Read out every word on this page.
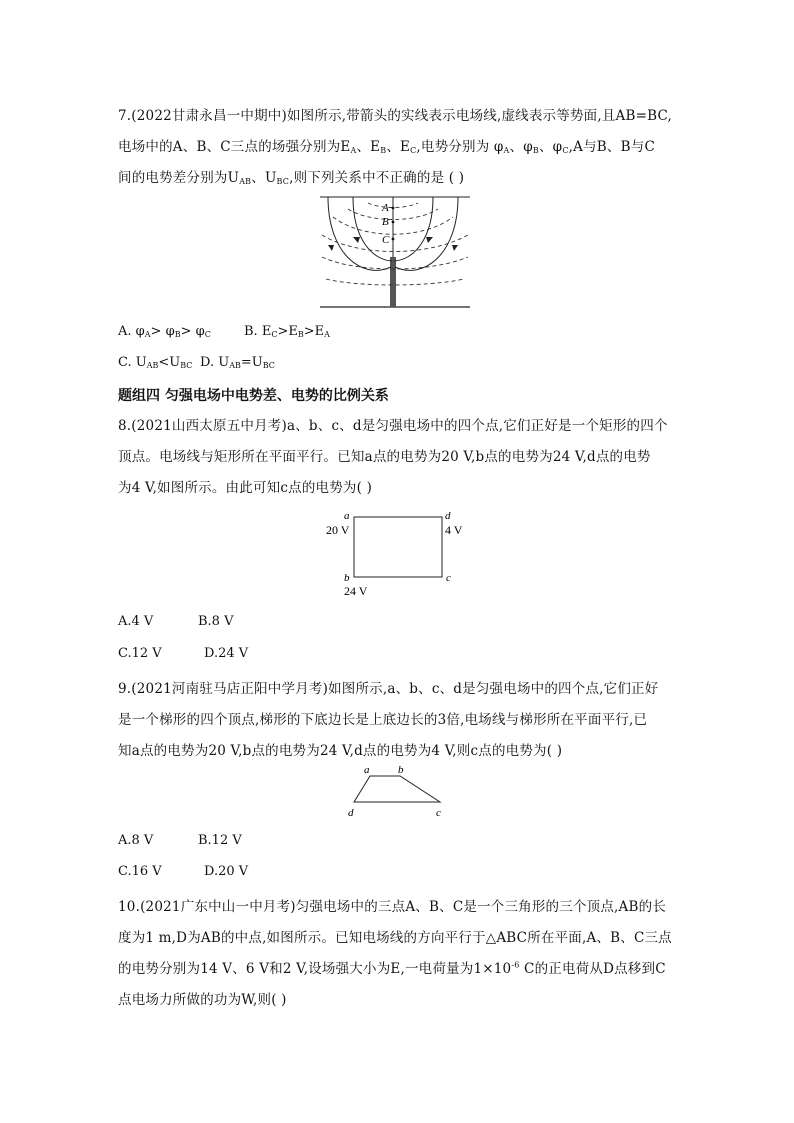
7.(2022甘肃永昌一中期中)如图所示,带箭头的实线表示电场线,虚线表示等势面,且AB=BC,
电场中的A、B、C三点的场强分别为$E_A$、$E_B$、$E_C$,电势分别为 $\varphi_A$、$\varphi_B$、$\varphi_C,A$与B、B与C
间的电势差分别为$U_{AB}$、$U_{BC}$,则下列关系中不正确的是 ( )
A
B
C
A. $\varphi_A> \varphi_B> \varphi_C$	B. $E_C>E_B>E_A$
C. $U_{AB}<U_{BC}$ D. $U_{AB}=U_{BC}$
题组四 匀强电场中电势差、电势的比例关系
8.(2021山西太原五中月考)a、b、c、d是匀强电场中的四个点,它们正好是一个矩形的四个
顶点。电场线与矩形所在平面平行。已知a点的电势为20 V,b点的电势为24 V,d点的电势
为4 V,如图所示。由此可知c点的电势为( )
a	d
b	c
20 V	4 V
24 V
A.4 V	B.8 V
C.12 V	D.24 V
9.(2021河南驻马店正阳中学月考)如图所示,a、b、c、d是匀强电场中的四个点,它们正好
是一个梯形的四个顶点,梯形的下底边长是上底边长的3倍,电场线与梯形所在平面平行,已
知a点的电势为20 V,b点的电势为24 V,d点的电势为4 V,则c点的电势为( )
a	b
d	c
A.8 V	B.12 V
C.16 V	D.20 V
10.(2021广东中山一中月考)匀强电场中的三点A、B、C是一个三角形的三个顶点,AB的长
度为1 m,D为AB的中点,如图所示。已知电场线的方向平行于△ABC所在平面,A、B、C三点
的电势分别为14 V、6 V和2 V,设场强大小为E,一电荷量为$1\times 10^{-6}$ C的正电荷从D点移到C
点电场力所做的功为W,则( )
